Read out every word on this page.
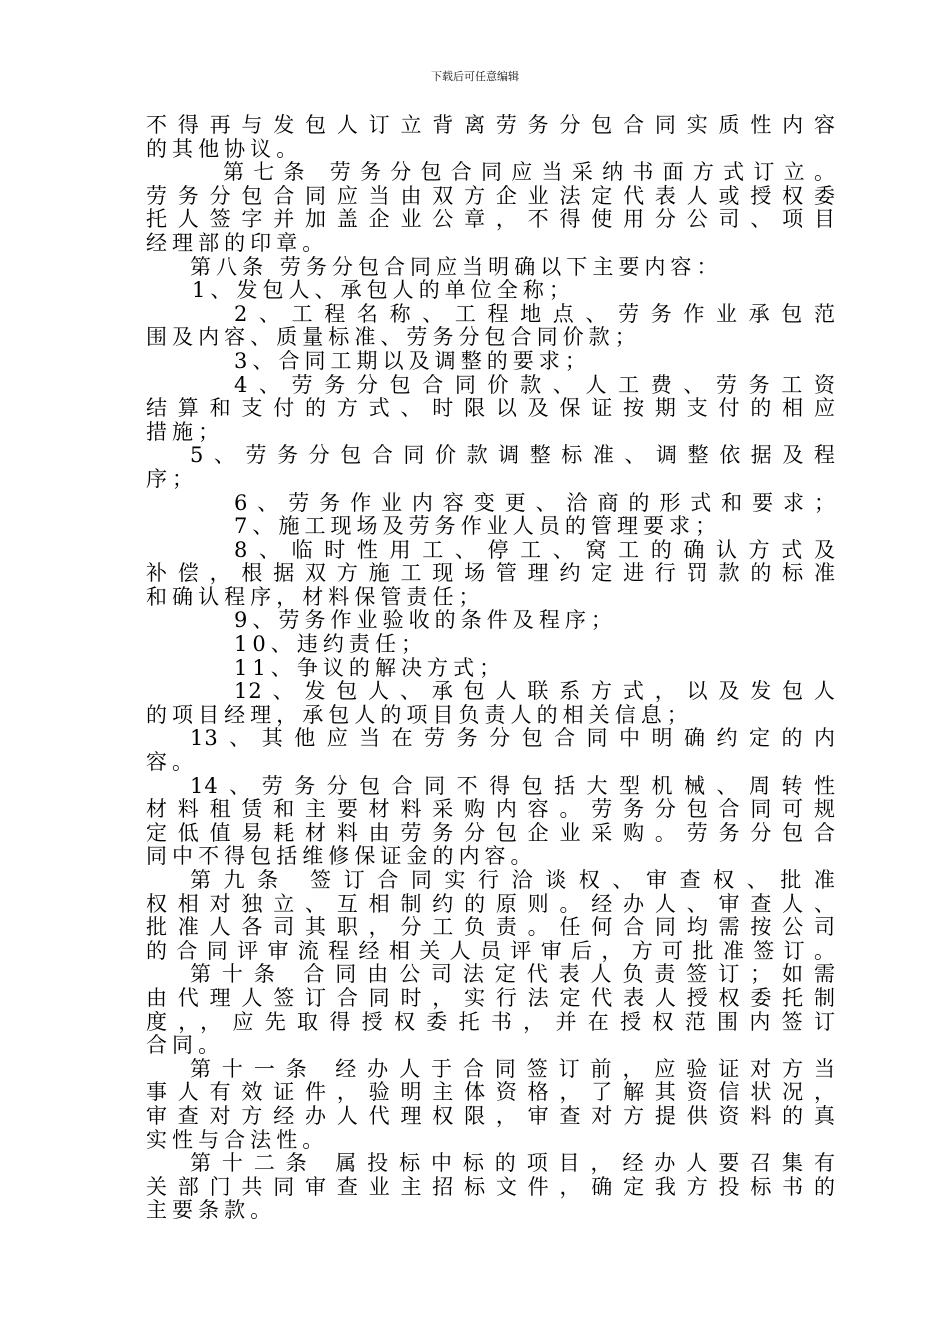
下载后可任意编辑
不得再与发包人订立背离劳务分包合同实质性内容
的其他协议。
第七条 劳务分包合同应当采纳书面方式订立。
劳务分包合同应当由双方企业法定代表人或授权委
托人签字并加盖企业公章，不得使用分公司、项目
经理部的印章。
第八条 劳务分包合同应当明确以下主要内容：
1、发包人、承包人的单位全称；
2、工程名称、工程地点、劳务作业承包范
围及内容、质量标准、劳务分包合同价款；
3、合同工期以及调整的要求；
4、劳务分包合同价款、人工费、劳务工资
结算和支付的方式、时限以及保证按期支付的相应
措施；
5、劳务分包合同价款调整标准、调整依据及程
序；
6、劳务作业内容变更、洽商的形式和要求；
7、施工现场及劳务作业人员的管理要求；
8、临时性用工、停工、窝工的确认方式及
补偿，根据双方施工现场管理约定进行罚款的标准
和确认程序，材料保管责任；
9、劳务作业验收的条件及程序；
10、违约责任；
11、争议的解决方式；
12、发包人、承包人联系方式，以及发包人
的项目经理，承包人的项目负责人的相关信息；
13、其他应当在劳务分包合同中明确约定的内
容。
14、劳务分包合同不得包括大型机械、周转性
材料租赁和主要材料采购内容。劳务分包合同可规
定低值易耗材料由劳务分包企业采购。劳务分包合
同中不得包括维修保证金的内容。
第九条 签订合同实行洽谈权、审查权、批准
权相对独立、互相制约的原则。经办人、审查人、
批准人各司其职，分工负责。任何合同均需按公司
的合同评审流程经相关人员评审后，方可批准签订。
第十条 合同由公司法定代表人负责签订；如需
由代理人签订合同时，实行法定代表人授权委托制
度，，应先取得授权委托书，并在授权范围内签订
合同。
第十一条 经办人于合同签订前，应验证对方当
事人有效证件，验明主体资格，了解其资信状况，
审查对方经办人代理权限，审查对方提供资料的真
实性与合法性。
第十二条 属投标中标的项目，经办人要召集有
关部门共同审查业主招标文件，确定我方投标书的
主要条款。
